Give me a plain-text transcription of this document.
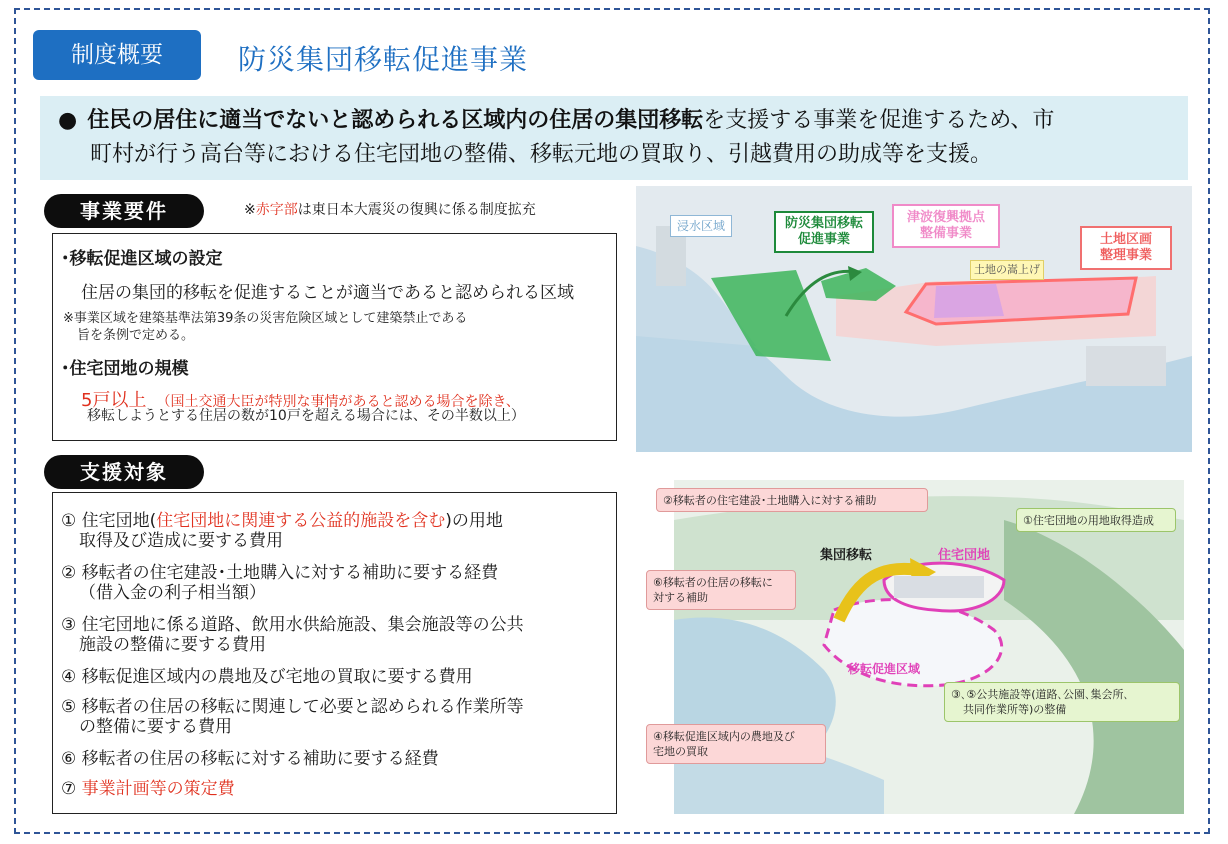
制度概要	防災集団移転促進事業
● 住民の居住に適当でないと認められる区域内の住居の集団移転を支援する事業を促進するため、市
町村が行う高台等における住宅団地の整備、移転元地の買取り、引越費用の助成等を支援。
事業要件	※赤字部は東日本大震災の復興に係る制度拡充
･移転促進区域の設定
住居の集団的移転を促進することが適当であると認められる区域
※事業区域を建築基準法第39条の災害危険区域として建築禁止である
旨を条例で定める。
･住宅団地の規模
5戸以上 （国土交通大臣が特別な事情があると認める場合を除き、
移転しようとする住居の数が10戸を超える場合には、その半数以上）
支援対象
① 住宅団地(住宅団地に関連する公益的施設を含む)の用地
取得及び造成に要する費用
② 移転者の住宅建設･土地購入に対する補助に要する経費
（借入金の利子相当額）
③ 住宅団地に係る道路、飲用水供給施設、集会施設等の公共
施設の整備に要する費用
④ 移転促進区域内の農地及び宅地の買取に要する費用
⑤ 移転者の住居の移転に関連して必要と認められる作業所等
の整備に要する費用
⑥ 移転者の住居の移転に対する補助に要する経費
⑦ 事業計画等の策定費
浸水区域	防災集団移転
促進事業
津波復興拠点
整備事業
土地の嵩上げ
土地区画
整理事業
②移転者の住宅建設･土地購入に対する補助
①住宅団地の用地取得造成
集団移転	住宅団地
⑥移転者の住居の移転に
対する補助
移転促進区域
③､⑤公共施設等(道路､公園､集会所､
共同作業所等)の整備
④移転促進区域内の農地及び
宅地の買取
